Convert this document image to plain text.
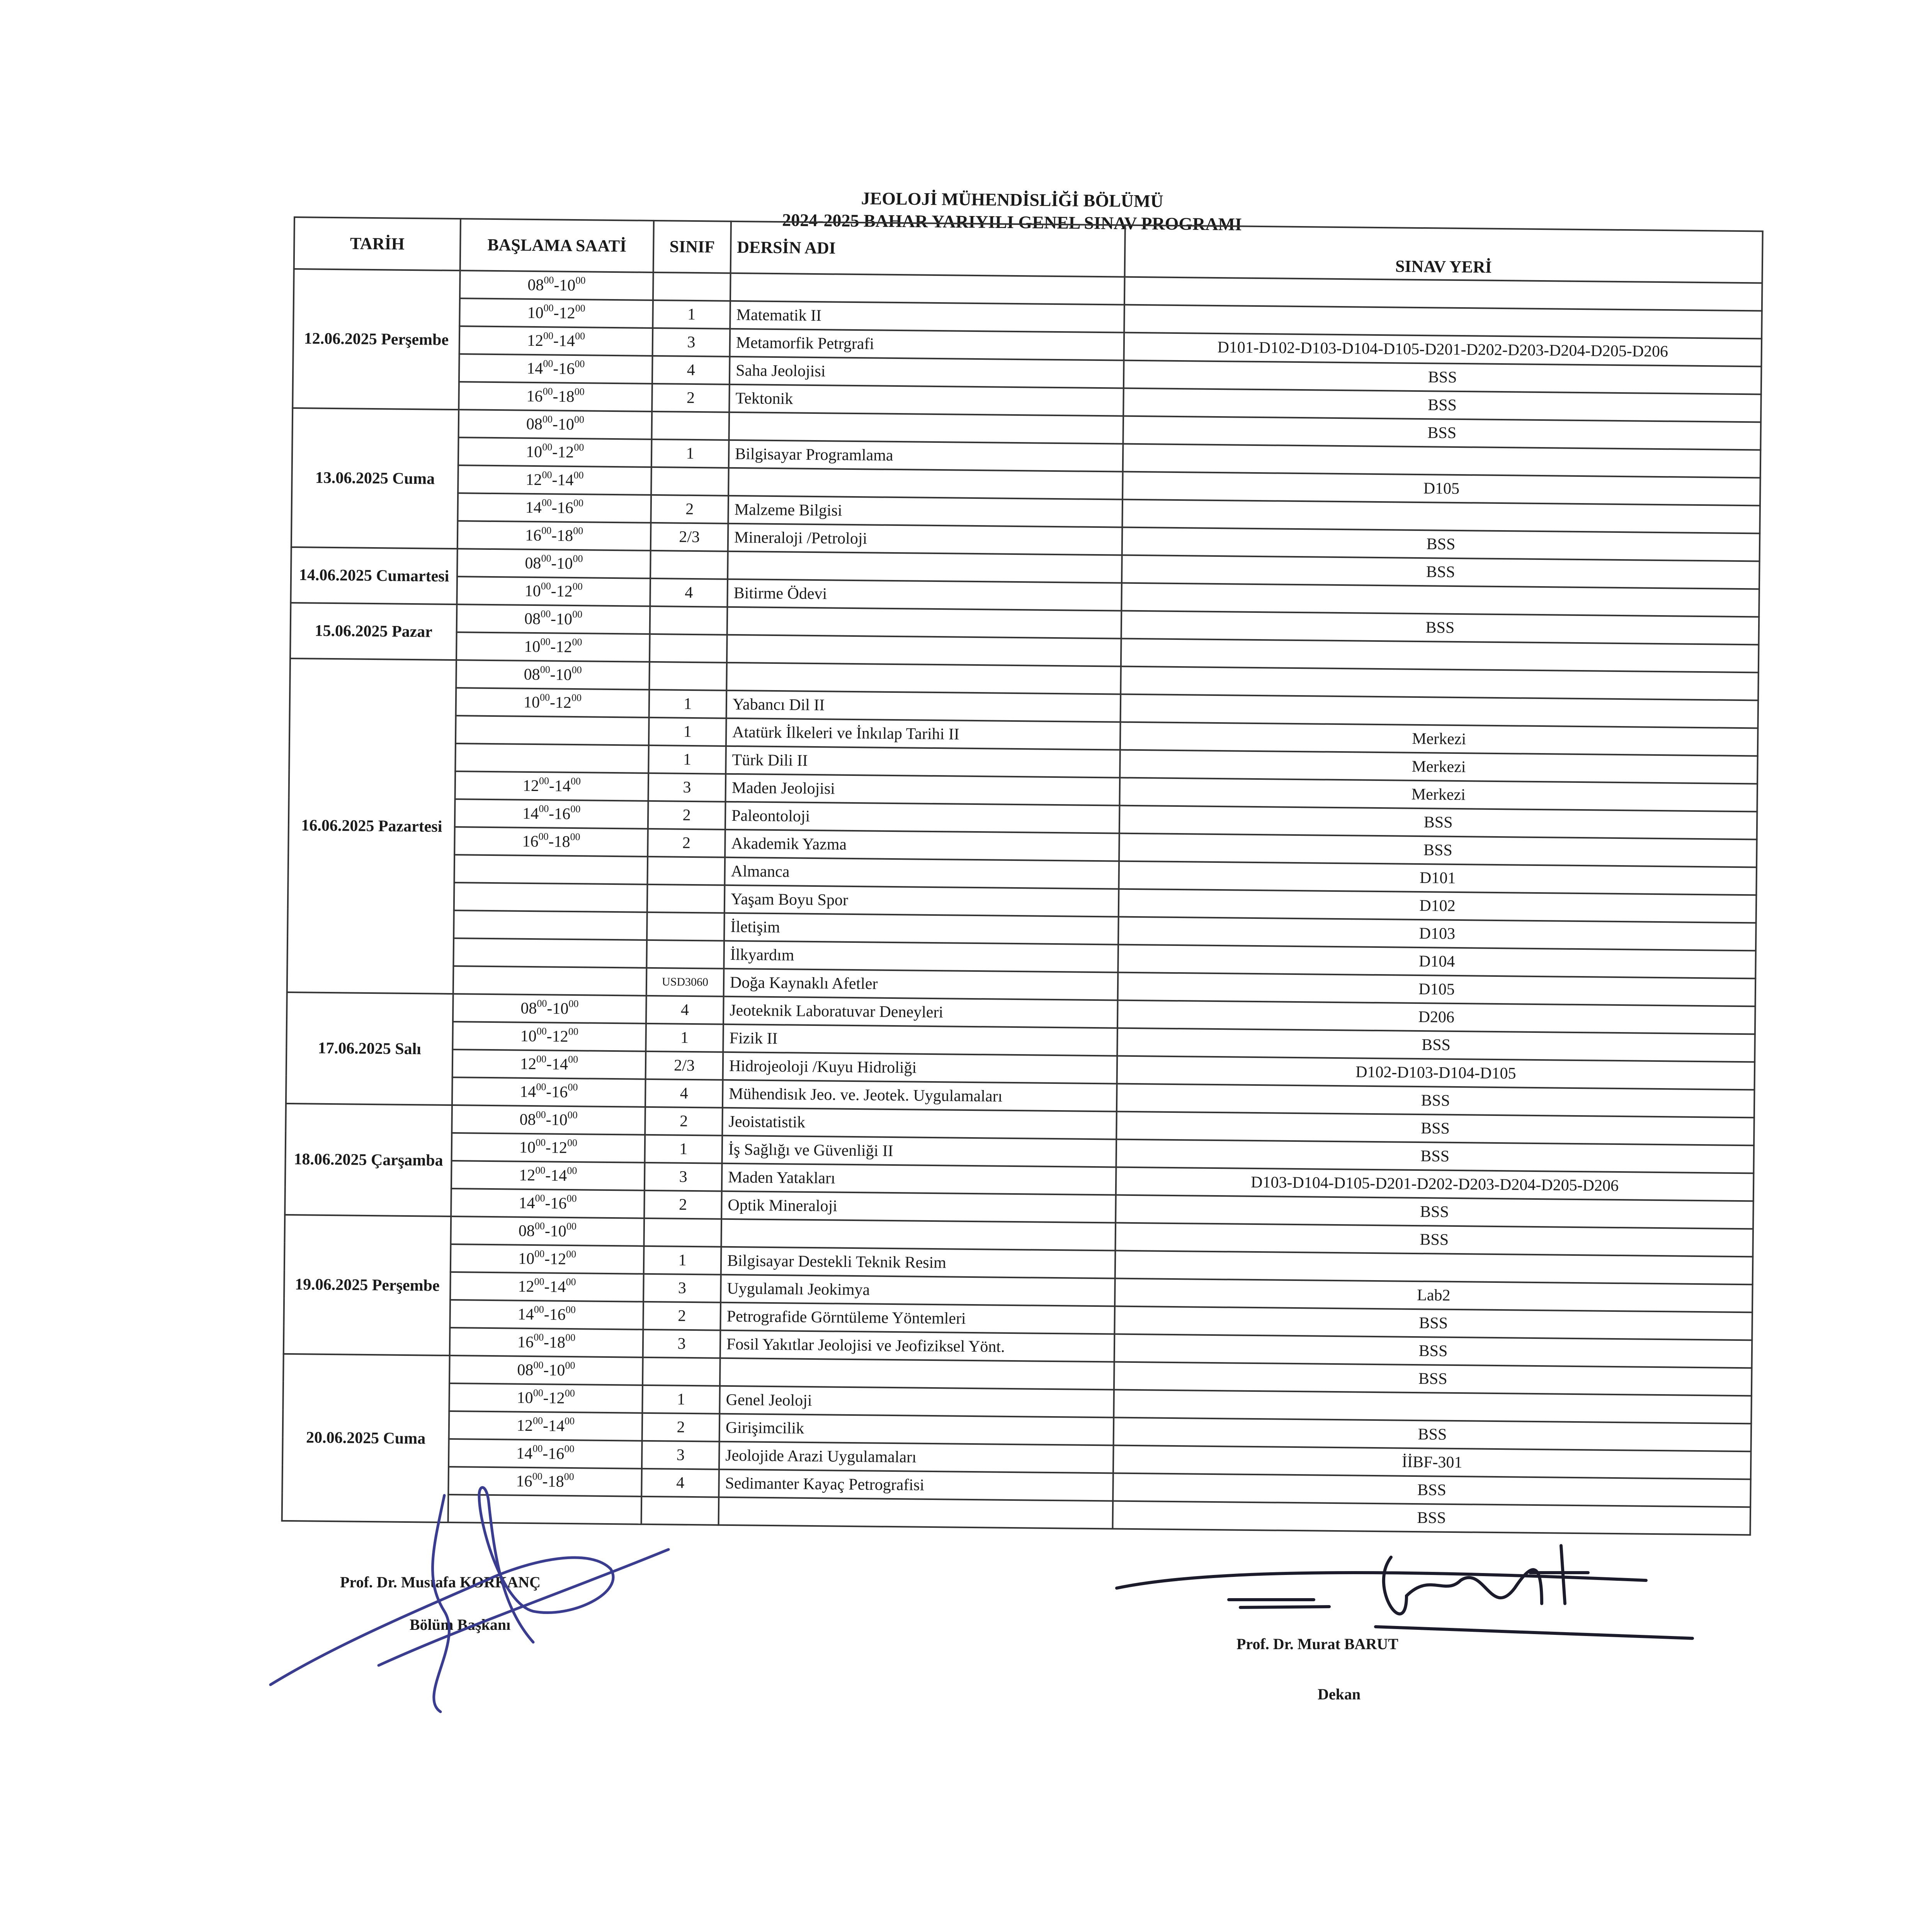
JEOLOJİ MÜHENDİSLİĞİ BÖLÜMÜ
2024-2025 BAHAR YARIYILI GENEL SINAV PROGRAMI
TARİH	BAŞLAMA SAATİ	SINIF	DERSİN ADI	SINAV YERİ
12.06.2025 Perşembe	$08^{00}-10^{00}$			
	$10^{00}-12^{00}$	1	Matematik II	
	$12^{00}-14^{00}$	3	Metamorfik Petrgrafi	D101-D102-D103-D104-D105-D201-D202-D203-D204-D205-D206
	$14^{00}-16^{00}$	4	Saha Jeolojisi	BSS
	$16^{00}-18^{00}$	2	Tektonik	BSS
13.06.2025 Cuma	$08^{00}-10^{00}$			BSS
	$10^{00}-12^{00}$	1	Bilgisayar Programlama	
	$12^{00}-14^{00}$			D105
	$14^{00}-16^{00}$	2	Malzeme Bilgisi	
	$16^{00}-18^{00}$	2/3	Mineraloji /Petroloji	BSS
14.06.2025 Cumartesi	$08^{00}-10^{00}$			BSS
	$10^{00}-12^{00}$	4	Bitirme Ödevi	
15.06.2025 Pazar	$08^{00}-10^{00}$			BSS
	$10^{00}-12^{00}$			
16.06.2025 Pazartesi	$08^{00}-10^{00}$			
	$10^{00}-12^{00}$	1	Yabancı Dil II	
		1	Atatürk İlkeleri ve İnkılap Tarihi II	Merkezi
		1	Türk Dili II	Merkezi
	$12^{00}-14^{00}$	3	Maden Jeolojisi	Merkezi
	$14^{00}-16^{00}$	2	Paleontoloji	BSS
	$16^{00}-18^{00}$	2	Akademik Yazma	BSS
			Almanca	D101
			Yaşam Boyu Spor	D102
			İletişim	D103
			İlkyardım	D104
		USD3060	Doğa Kaynaklı Afetler	D105
17.06.2025 Salı	$08^{00}-10^{00}$	4	Jeoteknik Laboratuvar Deneyleri	D206
	$10^{00}-12^{00}$	1	Fizik II	BSS
	$12^{00}-14^{00}$	2/3	Hidrojeoloji /Kuyu Hidroliği	D102-D103-D104-D105
	$14^{00}-16^{00}$	4	Mühendisık Jeo. ve. Jeotek. Uygulamaları	BSS
18.06.2025 Çarşamba	$08^{00}-10^{00}$	2	Jeoistatistik	BSS
	$10^{00}-12^{00}$	1	İş Sağlığı ve Güvenliği II	BSS
	$12^{00}-14^{00}$	3	Maden Yatakları	D103-D104-D105-D201-D202-D203-D204-D205-D206
	$14^{00}-16^{00}$	2	Optik Mineraloji	BSS
19.06.2025 Perşembe	$08^{00}-10^{00}$			BSS
	$10^{00}-12^{00}$	1	Bilgisayar Destekli Teknik Resim	
	$12^{00}-14^{00}$	3	Uygulamalı Jeokimya	Lab2
	$14^{00}-16^{00}$	2	Petrografide Görntüleme Yöntemleri	BSS
	$16^{00}-18^{00}$	3	Fosil Yakıtlar Jeolojisi ve Jeofiziksel Yönt.	BSS
20.06.2025 Cuma	$08^{00}-10^{00}$			BSS
	$10^{00}-12^{00}$	1	Genel Jeoloji	
	$12^{00}-14^{00}$	2	Girişimcilik	BSS
	$14^{00}-16^{00}$	3	Jeolojide Arazi Uygulamaları	İİBF-301
	$16^{00}-18^{00}$	4	Sedimanter Kayaç Petrografisi	BSS
				BSS
Prof. Dr. Mustafa KORKANÇ
Bölüm Başkanı
Prof. Dr. Murat BARUT
Dekan
